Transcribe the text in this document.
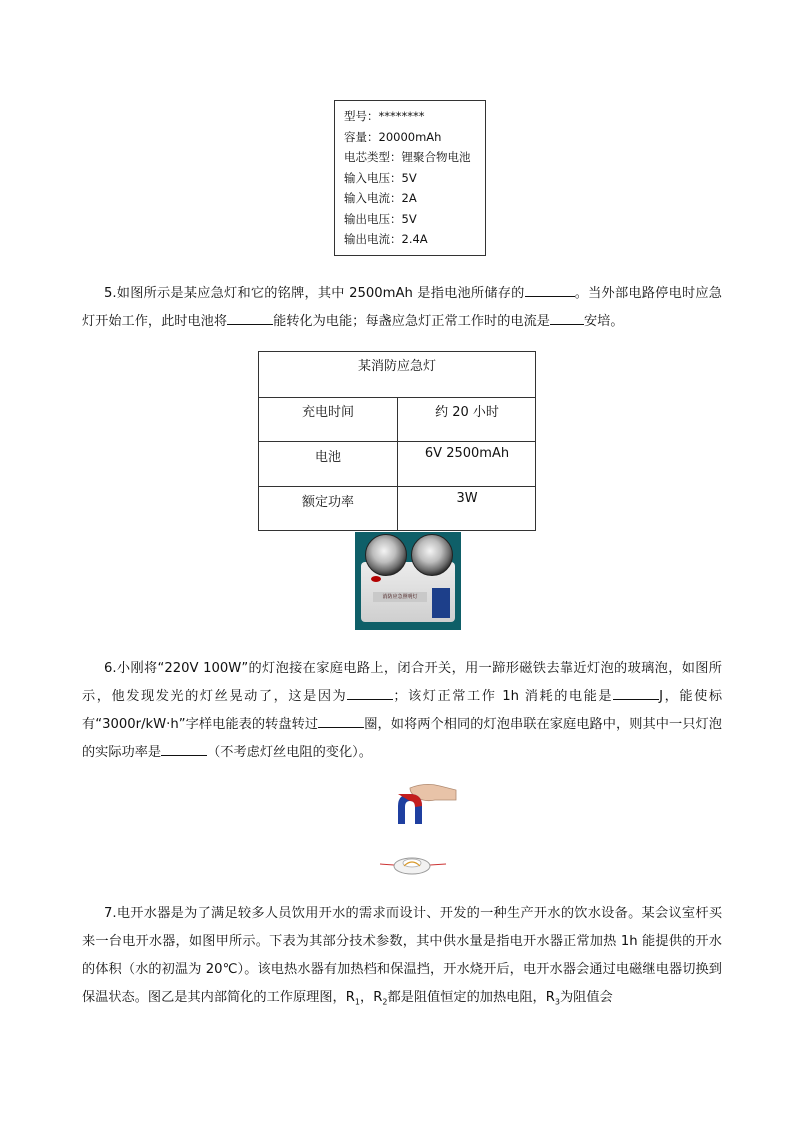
型号：********
容量：20000mAh
电芯类型：锂聚合物电池
输入电压：5V
输入电流：2A
输出电压：5V
输出电流：2.4A
5.如图所示是某应急灯和它的铭牌，其中 2500mAh 是指电池所储存的	。当外部电路停电时应急灯开始工作，此时电池将	能转化为电能；每盏应急灯正常工作时的电流是	安培。
某消防应急灯
充电时间	约 20 小时
电池	6V 2500mAh
额定功率	3W
消防应急照明灯
6.小刚将“220V 100W”的灯泡接在家庭电路上，闭合开关，用一蹄形磁铁去靠近灯泡的玻璃泡，如图所示，他发现发光的灯丝晃动了，这是因为	；该灯正常工作 1h 消耗的电能是	J，能使标有“3000r/kW·h”字样电能表的转盘转过	圈，如将两个相同的灯泡串联在家庭电路中，则其中一只灯泡的实际功率是	（不考虑灯丝电阻的变化）。
7.电开水器是为了满足较多人员饮用开水的需求而设计、开发的一种生产开水的饮水设备。某会议室杆买来一台电开水器，如图甲所示。下表为其部分技术参数，其中供水量是指电开水器正常加热 1h 能提供的开水的体积（水的初温为 20℃）。该电热水器有加热档和保温挡，开水烧开后，电开水器会通过电磁继电器切换到保温状态。图乙是其内部简化的工作原理图，$R_1$，$R_2$都是阻值恒定的加热电阻，$R_3$为阻值会
